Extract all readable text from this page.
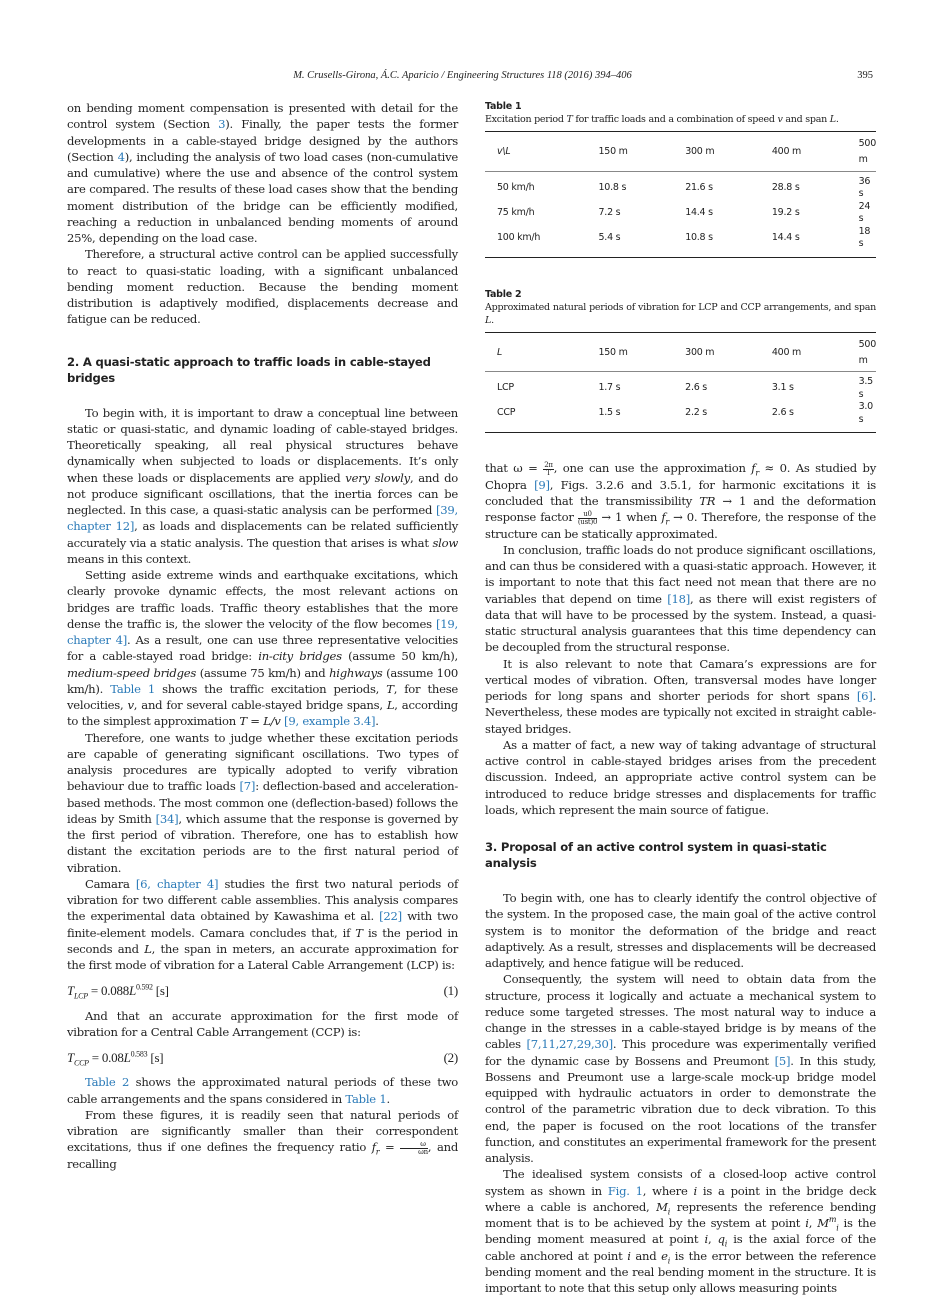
M. Crusells-Girona, Á.C. Aparicio / Engineering Structures 118 (2016) 394–406	395

on bending moment compensation is presented with detail for the control system (Section 3). Finally, the paper tests the former developments in a cable-stayed bridge designed by the authors (Section 4), including the analysis of two load cases (non-cumulative and cumulative) where the use and absence of the control system are compared. The results of these load cases show that the bending moment distribution of the bridge can be efficiently modified, reaching a reduction in unbalanced bending moments of around 25%, depending on the load case.

Therefore, a structural active control can be applied successfully to react to quasi-static loading, with a significant unbalanced bending moment reduction. Because the bending moment distribution is adaptively modified, displacements decrease and fatigue can be reduced.

2. A quasi-static approach to traffic loads in cable-stayed bridges

To begin with, it is important to draw a conceptual line between static or quasi-static, and dynamic loading of cable-stayed bridges. Theoretically speaking, all real physical structures behave dynamically when subjected to loads or displacements. It’s only when these loads or displacements are applied very slowly, and do not produce significant oscillations, that the inertia forces can be neglected. In this case, a quasi-static analysis can be performed [39, chapter 12], as loads and displacements can be related sufficiently accurately via a static analysis. The question that arises is what slow means in this context.

Setting aside extreme winds and earthquake excitations, which clearly provoke dynamic effects, the most relevant actions on bridges are traffic loads. Traffic theory establishes that the more dense the traffic is, the slower the velocity of the flow becomes [19, chapter 4]. As a result, one can use three representative velocities for a cable-stayed road bridge: in-city bridges (assume 50 km/h), medium-speed bridges (assume 75 km/h) and highways (assume 100 km/h). Table 1 shows the traffic excitation periods, T, for these velocities, v, and for several cable-stayed bridge spans, L, according to the simplest approximation T = L/v [9, example 3.4].

Therefore, one wants to judge whether these excitation periods are capable of generating significant oscillations. Two types of analysis procedures are typically adopted to verify vibration behaviour due to traffic loads [7]: deflection-based and acceleration-based methods. The most common one (deflection-based) follows the ideas by Smith [34], which assume that the response is governed by the first period of vibration. Therefore, one has to establish how distant the excitation periods are to the first natural period of vibration.

Camara [6, chapter 4] studies the first two natural periods of vibration for two different cable assemblies. This analysis compares the experimental data obtained by Kawashima et al. [22] with two finite-element models. Camara concludes that, if T is the period in seconds and L, the span in meters, an accurate approximation for the first mode of vibration for a Lateral Cable Arrangement (LCP) is:

$T_{LCP} = 0.088L^{0.592}$ [s]	(1)

And that an accurate approximation for the first mode of vibration for a Central Cable Arrangement (CCP) is:

$T_{CCP} = 0.08L^{0.583}$ [s]	(2)

Table 2 shows the approximated natural periods of these two cable arrangements and the spans considered in Table 1.

From these figures, it is readily seen that natural periods of vibration are significantly smaller than their correspondent excitations, thus if one defines the frequency ratio $f_r = \frac{\omega}{\omega n}$ , and recalling

Table 1
Excitation period T for traffic loads and a combination of speed v and span L.
v\L	150 m	300 m	400 m	500 m
50 km/h	10.8 s	21.6 s	28.8 s	36 s
75 km/h	7.2 s	14.4 s	19.2 s	24 s
100 km/h	5.4 s	10.8 s	14.4 s	18 s
Table 2
Approximated natural periods of vibration for LCP and CCP arrangements, and span L.
L	150 m	300 m	400 m	500 m
LCP	1.7 s	2.6 s	3.1 s	3.5 s
CCP	1.5 s	2.2 s	2.6 s	3.0 s

that $\omega = \frac{2\pi}{T}$ , one can use the approximation $f_r \approx 0$. As studied by Chopra [9], Figs. 3.2.6 and 3.5.1, for harmonic excitations it is concluded that the transmissibility TR → 1 and the deformation response factor $\frac{u0}{\text{(ust)0}} \to 1$ when $f_r \to 0$. Therefore, the response of the structure can be statically approximated.

In conclusion, traffic loads do not produce significant oscillations, and can thus be considered with a quasi-static approach. However, it is important to note that this fact need not mean that there are no variables that depend on time [18], as there will exist registers of data that will have to be processed by the system. Instead, a quasi-static structural analysis guarantees that this time dependency can be decoupled from the structural response.

It is also relevant to note that Camara’s expressions are for vertical modes of vibration. Often, transversal modes have longer periods for long spans and shorter periods for short spans [6]. Nevertheless, these modes are typically not excited in straight cable-stayed bridges.

As a matter of fact, a new way of taking advantage of structural active control in cable-stayed bridges arises from the precedent discussion. Indeed, an appropriate active control system can be introduced to reduce bridge stresses and displacements for traffic loads, which represent the main source of fatigue.

3. Proposal of an active control system in quasi-static analysis

To begin with, one has to clearly identify the control objective of the system. In the proposed case, the main goal of the active control system is to monitor the deformation of the bridge and react adaptively. As a result, stresses and displacements will be decreased adaptively, and hence fatigue will be reduced.

Consequently, the system will need to obtain data from the structure, process it logically and actuate a mechanical system to reduce some targeted stresses. The most natural way to induce a change in the stresses in a cable-stayed bridge is by means of the cables [7,11,27,29,30]. This procedure was experimentally verified for the dynamic case by Bossens and Preumont [5]. In this study, Bossens and Preumont use a large-scale mock-up bridge model equipped with hydraulic actuators in order to demonstrate the control of the parametric vibration due to deck vibration. To this end, the paper is focused on the root locations of the transfer function, and constitutes an experimental framework for the present analysis.

The idealised system consists of a closed-loop active control system as shown in Fig. 1, where i is a point in the bridge deck where a cable is anchored, $M_i$ represents the reference bending moment that is to be achieved by the system at point i, $M^m_i$ is the bending moment measured at point i, $q_i$ is the axial force of the cable anchored at point i and $e_i$ is the error between the reference bending moment and the real bending moment in the structure. It is important to note that this setup only allows measuring points
